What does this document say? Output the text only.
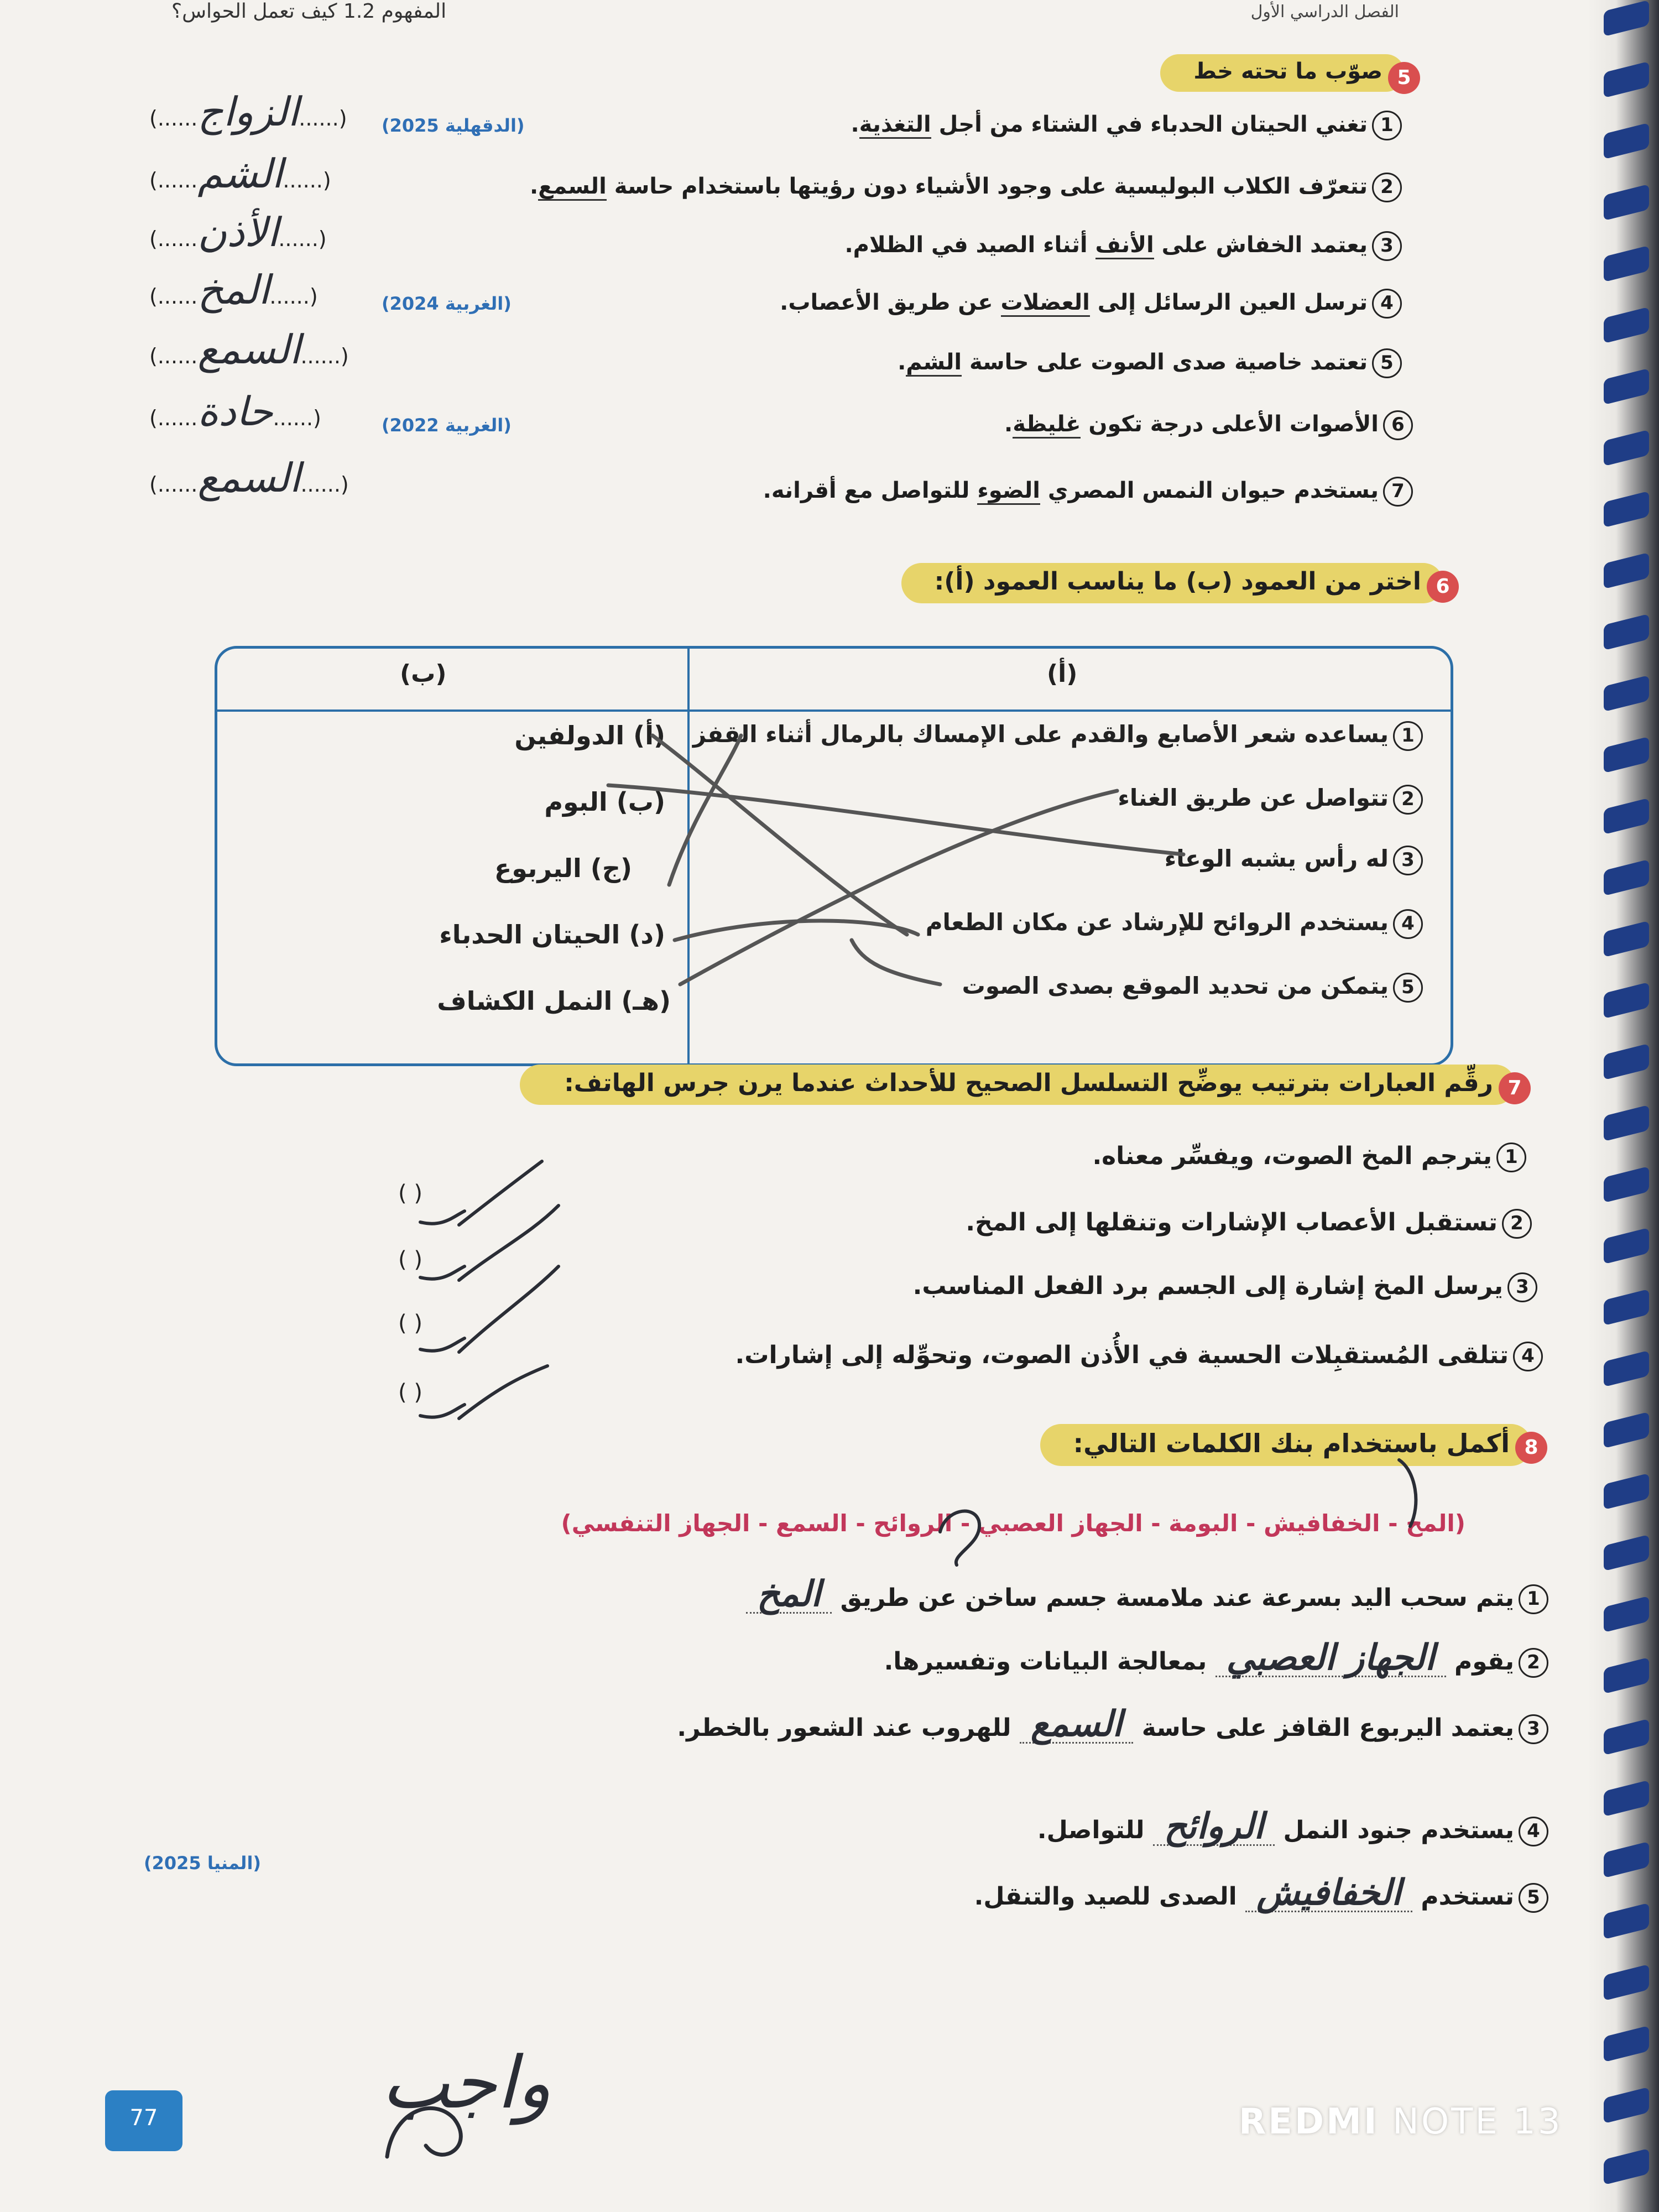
الفصل الدراسي الأول
المفهوم 1.2 كيف تعمل الحواس؟
صوّب ما تحته خط 5
1تغني الحيتان الحدباء في الشتاء من أجل التغذية.
2تتعرّف الكلاب البوليسية على وجود الأشياء دون رؤيتها باستخدام حاسة السمع.
3يعتمد الخفاش على الأنف أثناء الصيد في الظلام.
4ترسل العين الرسائل إلى العضلات عن طريق الأعصاب.
5تعتمد خاصية صدى الصوت على حاسة الشم.
6الأصوات الأعلى درجة تكون غليظة.
7يستخدم حيوان النمس المصري الضوء للتواصل مع أقرانه.
اختر من العمود (ب) ما يناسب العمود (أ): 6
(أ)
(ب)
1يساعده شعر الأصابع والقدم على الإمساك بالرمال أثناء القفز
2تتواصل عن طريق الغناء
3له رأس يشبه الوعاء
4يستخدم الروائح للإرشاد عن مكان الطعام
5يتمكن من تحديد الموقع بصدى الصوت
(أ) الدولفين
(ب) البوم
(ج) اليربوع
(د) الحيتان الحدباء
(هـ) النمل الكشاف
رقِّم العبارات بترتيب يوضِّح التسلسل الصحيح للأحداث عندما يرن جرس الهاتف: 7
1يترجم المخ الصوت، ويفسِّر معناه.
2تستقبل الأعصاب الإشارات وتنقلها إلى المخ.
3يرسل المخ إشارة إلى الجسم برد الفعل المناسب.
4تتلقى المُستقبِلات الحسية في الأُذن الصوت، وتحوِّله إلى إشارات.
أكمل باستخدام بنك الكلمات التالي: 8
(المخ - الخفافيش - البومة - الجهاز العصبي - الروائح - السمع - الجهاز التنفسي)
1يتم سحب اليد بسرعة عند ملامسة جسم ساخن عن طريق المخ
2يقوم الجهاز العصبي بمعالجة البيانات وتفسيرها.
3يعتمد اليربوع القافز على حاسة السمع للهروب عند الشعور بالخطر.
4يستخدم جنود النمل الروائح للتواصل.
5تستخدم الخفافيش الصدى للصيد والتنقل.
(المنيا 2025)
واجب
77	REDMI NOTE 13
(الدقهلية 2025)
(......الزواج......)
(......الشم......)
(......الأذن......)
(الغربية 2024)
(......المخ......)
(......السمع......)
(الغربية 2022)
(......حادة......)
(......السمع......)
( )
( )
( )
( )
